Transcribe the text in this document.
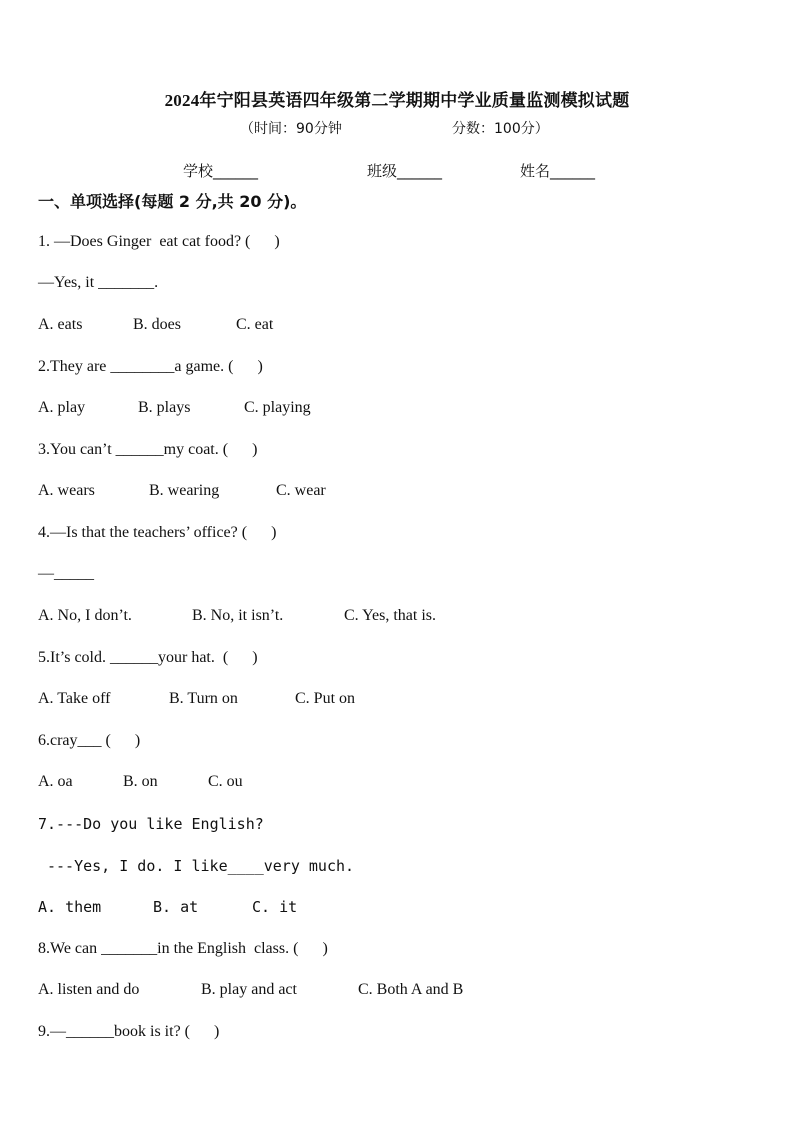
2024年宁阳县英语四年级第二学期期中学业质量监测模拟试题
（时间：90分钟	分数：100分）
学校______	班级______	姓名______
一、单项选择(每题 2 分,共 20 分)。
1. —Does Ginger  eat cat food? (      )
—Yes, it _______.
A. eats	B. does	C. eat
2.They are ________a game. (      )
A. play	B. plays	C. playing
3.You can’t ______my coat. (      )
A. wears	B. wearing	C. wear
4.—Is that the teachers’ office? (      )
—_____
A. No, I don’t.	B. No, it isn’t.	C. Yes, that is.
5.It’s cold. ______your hat.  (      )
A. Take off	B. Turn on	C. Put on
6.cray___ (      )
A. oa	B. on	C. ou
7.---Do you like English?
---Yes, I do. I like____very much.
A. them	B. at	C. it
8.We can _______in the English  class. (      )
A. listen and do	B. play and act	C. Both A and B
9.—______book is it? (      )
